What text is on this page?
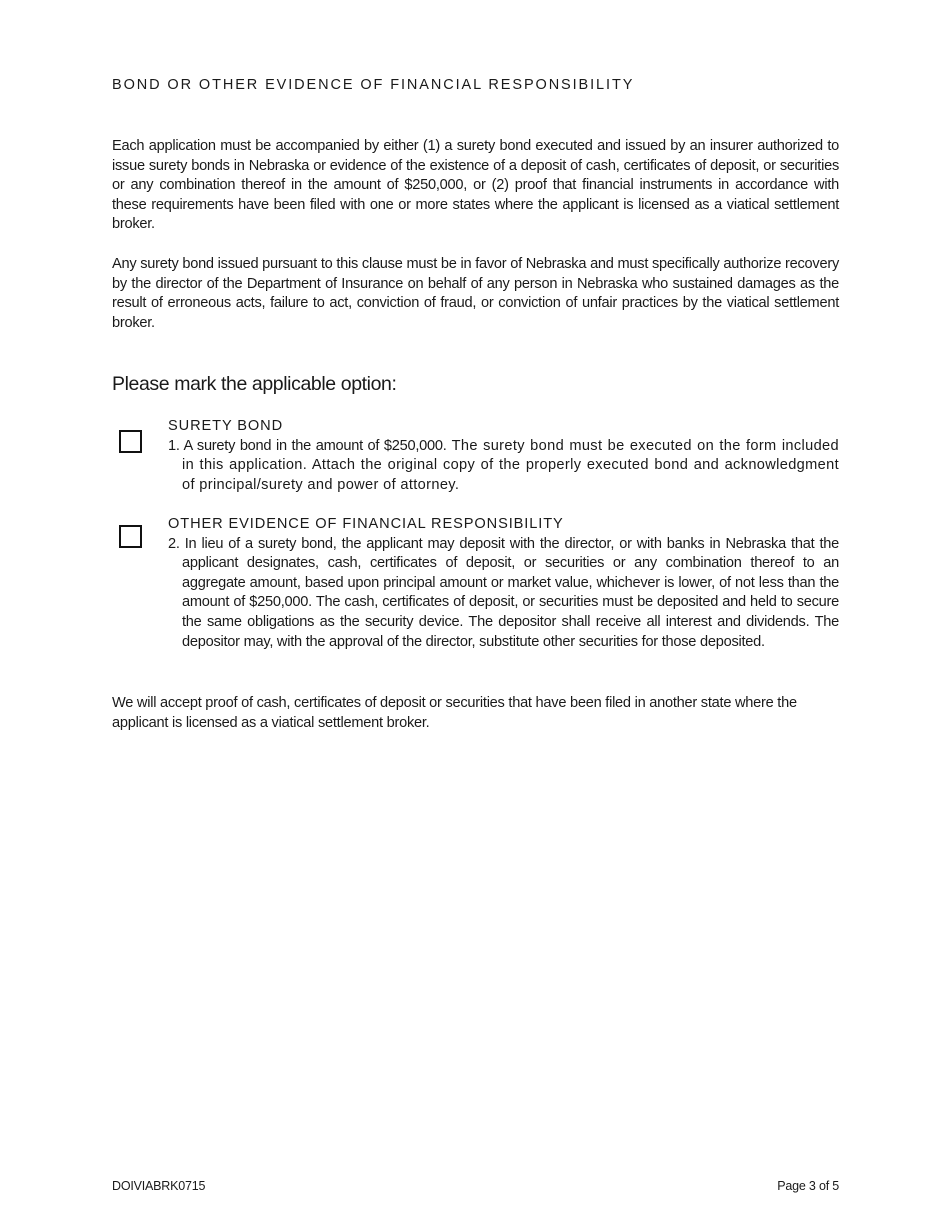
BOND OR OTHER EVIDENCE OF FINANCIAL RESPONSIBILITY

Each application must be accompanied by either (1) a surety bond executed and issued by an insurer authorized to issue surety bonds in Nebraska or evidence of the existence of a deposit of cash, certificates of deposit, or securities or any combination thereof in the amount of $250,000, or (2) proof that financial instruments in accordance with these requirements have been filed with one or more states where the applicant is licensed as a viatical settlement broker.

Any surety bond issued pursuant to this clause must be in favor of Nebraska and must specifically authorize recovery by the director of the Department of Insurance on behalf of any person in Nebraska who sustained damages as the result of erroneous acts, failure to act, conviction of fraud, or conviction of unfair practices by the viatical settlement broker.

Please mark the applicable option:
SURETY BOND

1. A surety bond in the amount of $250,000. The surety bond must be executed on the form included in this application. Attach the original copy of the properly executed bond and acknowledgment of principal/surety and power of attorney.

OTHER EVIDENCE OF FINANCIAL RESPONSIBILITY

2. In lieu of a surety bond, the applicant may deposit with the director, or with banks in Nebraska that the applicant designates, cash, certificates of deposit, or securities or any combination thereof to an aggregate amount, based upon principal amount or market value, whichever is lower, of not less than the amount of $250,000. The cash, certificates of deposit, or securities must be deposited and held to secure the same obligations as the security device. The depositor shall receive all interest and dividends. The depositor may, with the approval of the director, substitute other securities for those deposited.

We will accept proof of cash, certificates of deposit or securities that have been filed in another state where the applicant is licensed as a viatical settlement broker.

DOIVIABRK0715	Page 3 of 5
